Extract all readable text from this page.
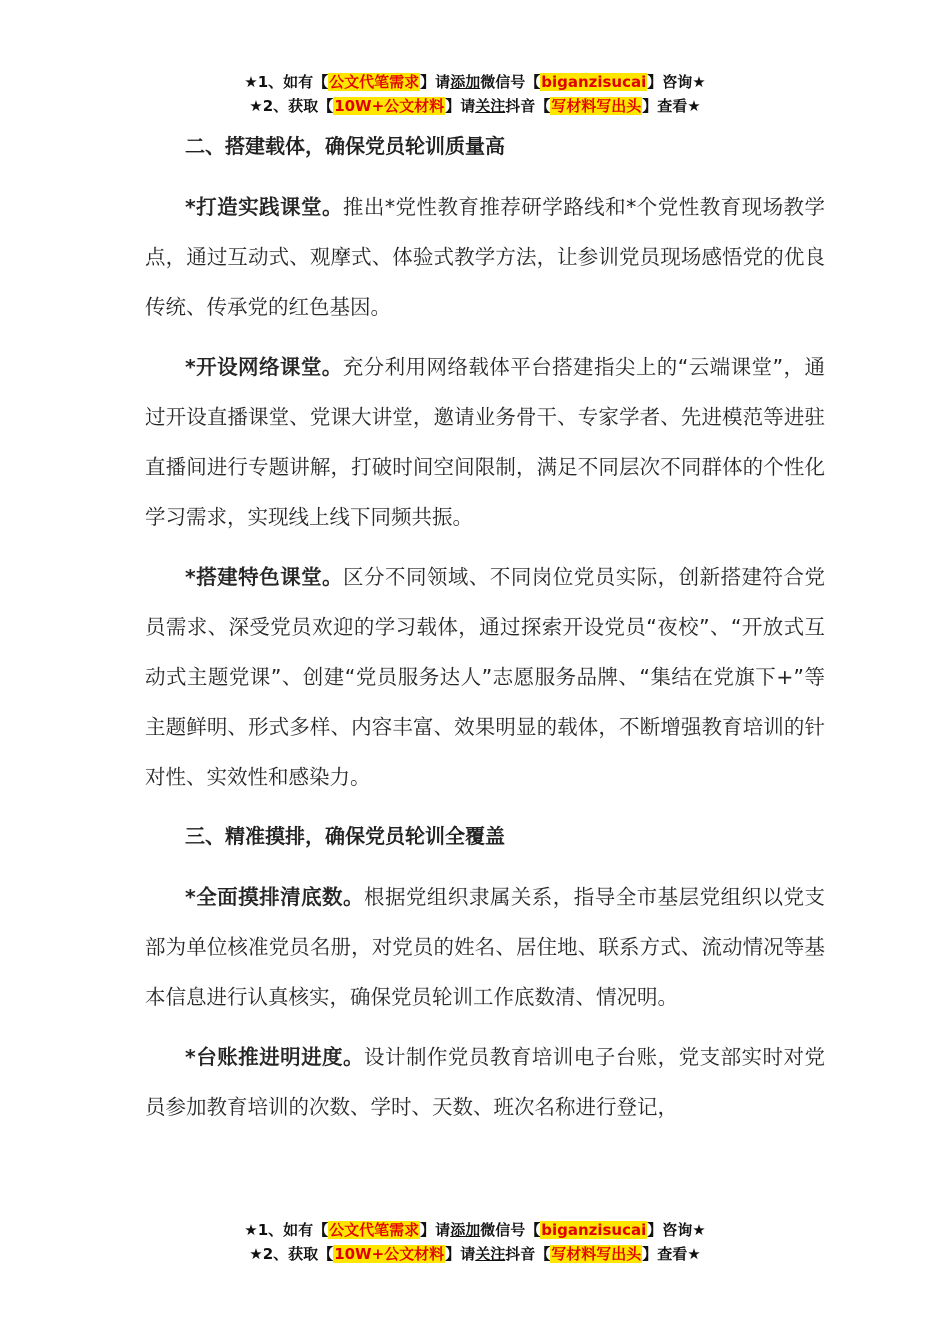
★1、如有【公文代笔需求】请添加微信号【biganzisucai】咨询★
★2、获取【10W+公文材料】请关注抖音【写材料写出头】查看★
二、搭建载体，确保党员轮训质量高

*打造实践课堂。推出*党性教育推荐研学路线和*个党性教育现场教学点，通过互动式、观摩式、体验式教学方法，让参训党员现场感悟党的优良传统、传承党的红色基因。

*开设网络课堂。充分利用网络载体平台搭建指尖上的“云端课堂”，通过开设直播课堂、党课大讲堂，邀请业务骨干、专家学者、先进模范等进驻直播间进行专题讲解，打破时间空间限制，满足不同层次不同群体的个性化学习需求，实现线上线下同频共振。

*搭建特色课堂。区分不同领域、不同岗位党员实际，创新搭建符合党员需求、深受党员欢迎的学习载体，通过探索开设党员“夜校”、“开放式互动式主题党课”、创建“党员服务达人”志愿服务品牌、“集结在党旗下+”等主题鲜明、形式多样、内容丰富、效果明显的载体，不断增强教育培训的针对性、实效性和感染力。

三、精准摸排，确保党员轮训全覆盖

*全面摸排清底数。根据党组织隶属关系，指导全市基层党组织以党支部为单位核准党员名册，对党员的姓名、居住地、联系方式、流动情况等基本信息进行认真核实，确保党员轮训工作底数清、情况明。

*台账推进明进度。设计制作党员教育培训电子台账，党支部实时对党员参加教育培训的次数、学时、天数、班次名称进行登记，

★1、如有【公文代笔需求】请添加微信号【biganzisucai】咨询★
★2、获取【10W+公文材料】请关注抖音【写材料写出头】查看★
